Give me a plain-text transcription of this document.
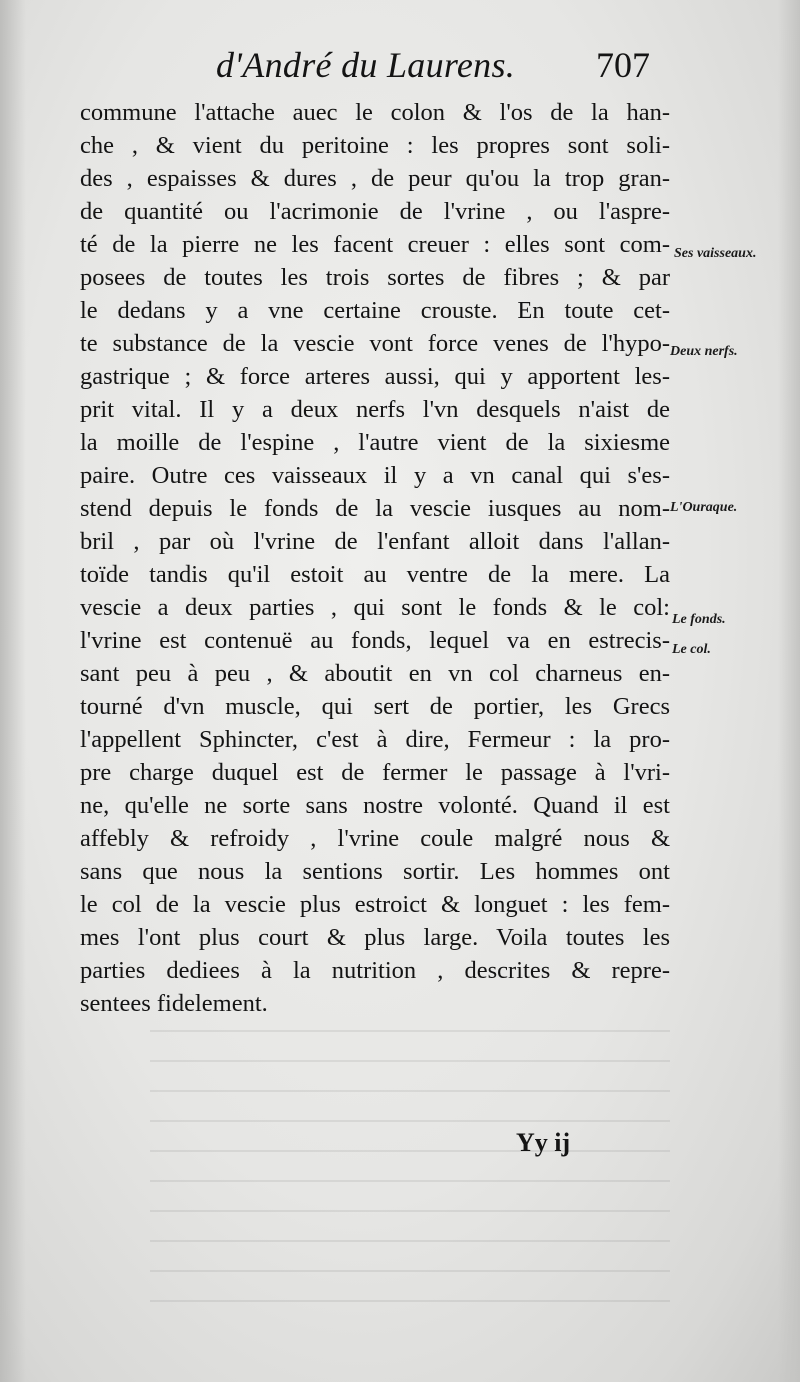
d'André du Laurens. 707
commune l'attache auec le colon & l'os de la han-
che , & vient du peritoine : les propres sont soli-
des , espaisses & dures , de peur qu'ou la trop gran-
de quantité ou l'acrimonie de l'vrine , ou l'aspre-
té de la pierre ne les facent creuer : elles sont com-
posees de toutes les trois sortes de fibres ; & par
le dedans y a vne certaine crouste. En toute cet-
te substance de la vescie vont force venes de l'hypo-
gastrique ; & force arteres aussi, qui y apportent les-
prit vital. Il y a deux nerfs l'vn desquels n'aist de
la moille de l'espine , l'autre vient de la sixiesme
paire. Outre ces vaisseaux il y a vn canal qui s'es-
stend depuis le fonds de la vescie iusques au nom-
bril , par où l'vrine de l'enfant alloit dans l'allan-
toïde tandis qu'il estoit au ventre de la mere. La
vescie a deux parties , qui sont le fonds & le col:
l'vrine est contenuë au fonds, lequel va en estrecis-
sant peu à peu , & aboutit en vn col charneus en-
tourné d'vn muscle, qui sert de portier, les Grecs
l'appellent Sphincter, c'est à dire, Fermeur : la pro-
pre charge duquel est de fermer le passage à l'vri-
ne, qu'elle ne sorte sans nostre volonté. Quand il est
affebly & refroidy , l'vrine coule malgré nous &
sans que nous la sentions sortir. Les hommes ont
le col de la vescie plus estroict & longuet : les fem-
mes l'ont plus court & plus large. Voila toutes les
parties dediees à la nutrition , descrites & repre-
sentees fidelement.
Ses vaisseaux.
Deux nerfs.
L'Ouraque.
Le fonds.
Le col.
Yy ij
